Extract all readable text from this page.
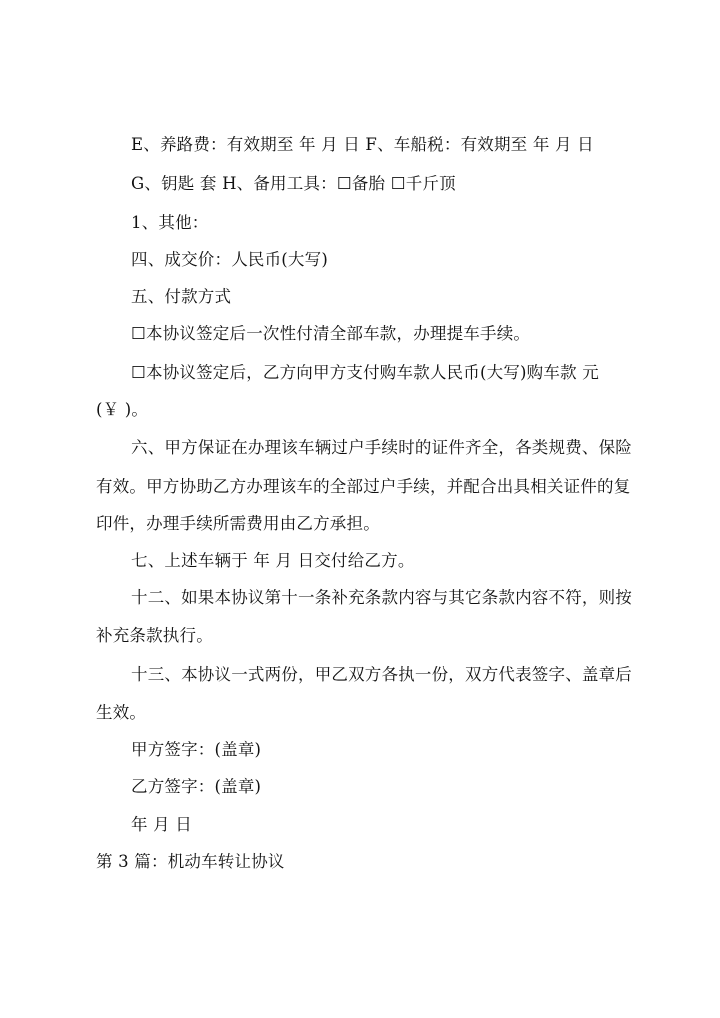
E、养路费：有效期至 年 月 日 F、车船税：有效期至 年 月 日
G、钥匙 套 H、备用工具：☐备胎 ☐千斤顶
1、其他：
四、成交价：人民币(大写)
五、付款方式
☐本协议签定后一次性付清全部车款，办理提车手续。
☐本协议签定后，乙方向甲方支付购车款人民币(大写)购车款 元
(￥ )。
六、甲方保证在办理该车辆过户手续时的证件齐全，各类规费、保险
有效。甲方协助乙方办理该车的全部过户手续，并配合出具相关证件的复
印件，办理手续所需费用由乙方承担。
七、上述车辆于 年 月 日交付给乙方。
十二、如果本协议第十一条补充条款内容与其它条款内容不符，则按
补充条款执行。
十三、本协议一式两份，甲乙双方各执一份，双方代表签字、盖章后
生效。
甲方签字：(盖章)
乙方签字：(盖章)
年 月 日
第 3 篇：机动车转让协议
